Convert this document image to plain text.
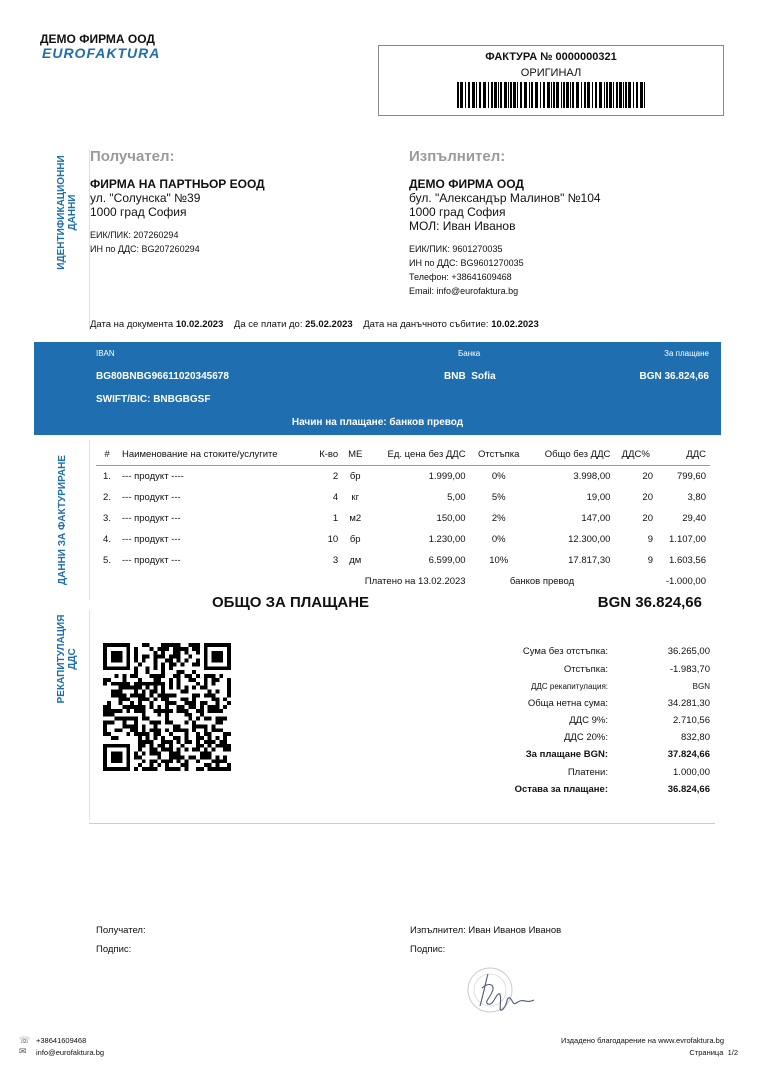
ДЕМО ФИРМА ООД
EUROFAKTURA	ФАКТУРА № 0000000321
ОРИГИНАЛ
ИДЕНТИФИКАЦИОННИ ДАННИ
ДАННИ ЗА ФАКТУРИРАНЕ
РЕКАПИТУЛАЦИЯ ДДС
Получател:
ФИРМА НА ПАРТНЬОР ЕООД
ул. "Солунска" №39
1000 град София
ЕИК/ПИК: 207260294
ИН по ДДС: BG207260294
Изпълнител:
ДЕМО ФИРМА ООД
бул. "Александър Малинов" №104
1000 град София
МОЛ: Иван Иванов
ЕИК/ПИК: 9601270035
ИН по ДДС: BG9601270035
Телефон: +38641609468
Email: info@eurofaktura.bg
Дата на документа 10.02.2023 Да се плати до: 25.02.2023 Дата на данъчното събитие: 10.02.2023
IBAN	Банка	За плащане
BG80BNBG96611020345678	BNB  Sofia	BGN 36.824,66
SWIFT/BIC: BNBGBGSF
Начин на плащане: банков превод
#	Наименование на стоките/услугите	К-во	МЕ	Ед. цена без ДДС	Отстъпка	Общо без ДДС	ДДС%	ДДС
1.	--- продукт ----	2	бр	1.999,00	0%	3.998,00	20	799,60
2.	--- продукт ---	4	кг	5,00	5%	19,00	20	3,80
3.	--- продукт ---	1	м2	150,00	2%	147,00	20	29,40
4.	--- продукт ---	10	бр	1.230,00	0%	12.300,00	9	1.107,00
5.	--- продукт ---	3	дм	6.599,00	10%	17.817,30	9	1.603,56
Платено на 13.02.2023					банков превод		-1.000,00	
ОБЩО ЗА ПЛАЩАНЕ	BGN 36.824,66
Сума без отстъпка:	36.265,00
Отстъпка:	-1.983,70
ДДС рекапитулация:	BGN
Обща нетна сума:	34.281,30
ДДС 9%:	2.710,56
ДДС 20%:	832,80
За плащане BGN:	37.824,66
Платени:	1.000,00
Остава за плащане:	36.824,66
Получател:
Подпис:
Изпълнител: Иван Иванов Иванов
Подпис:
☏ +38641609468
✉ info@eurofaktura.bg
Издадено благодарение на www.evrofaktura.bg
Страница  1/2
